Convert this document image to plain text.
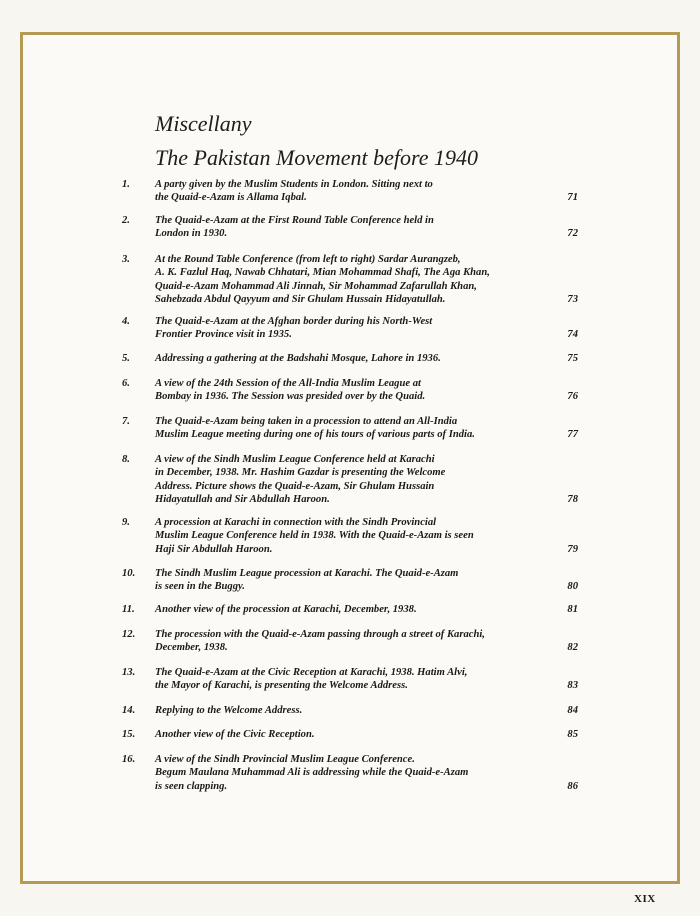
Miscellany
The Pakistan Movement before 1940
1. A party given by the Muslim Students in London. Sitting next to
the Quaid-e-Azam is Allama Iqbal.	71
2. The Quaid-e-Azam at the First Round Table Conference held in
London in 1930.	72
3. At the Round Table Conference (from left to right) Sardar Aurangzeb,
A. K. Fazlul Haq, Nawab Chhatari, Mian Mohammad Shafi, The Aga Khan,
Quaid-e-Azam Mohammad Ali Jinnah, Sir Mohammad Zafarullah Khan,
Sahebzada Abdul Qayyum and Sir Ghulam Hussain Hidayatullah.	73
4. The Quaid-e-Azam at the Afghan border during his North-West
Frontier Province visit in 1935.	74
5. Addressing a gathering at the Badshahi Mosque, Lahore in 1936.	75
6. A view of the 24th Session of the All-India Muslim League at
Bombay in 1936. The Session was presided over by the Quaid.	76
7. The Quaid-e-Azam being taken in a procession to attend an All-India
Muslim League meeting during one of his tours of various parts of India.	77
8. A view of the Sindh Muslim League Conference held at Karachi
in December, 1938. Mr. Hashim Gazdar is presenting the Welcome
Address. Picture shows the Quaid-e-Azam, Sir Ghulam Hussain
Hidayatullah and Sir Abdullah Haroon.	78
9. A procession at Karachi in connection with the Sindh Provincial
Muslim League Conference held in 1938. With the Quaid-e-Azam is seen
Haji Sir Abdullah Haroon.	79
10. The Sindh Muslim League procession at Karachi. The Quaid-e-Azam
is seen in the Buggy.	80
11. Another view of the procession at Karachi, December, 1938.	81
12. The procession with the Quaid-e-Azam passing through a street of Karachi,
December, 1938.	82
13. The Quaid-e-Azam at the Civic Reception at Karachi, 1938. Hatim Alvi,
the Mayor of Karachi, is presenting the Welcome Address.	83
14. Replying to the Welcome Address.	84
15. Another view of the Civic Reception.	85
16. A view of the Sindh Provincial Muslim League Conference.
Begum Maulana Muhammad Ali is addressing while the Quaid-e-Azam
is seen clapping.	86
XIX
